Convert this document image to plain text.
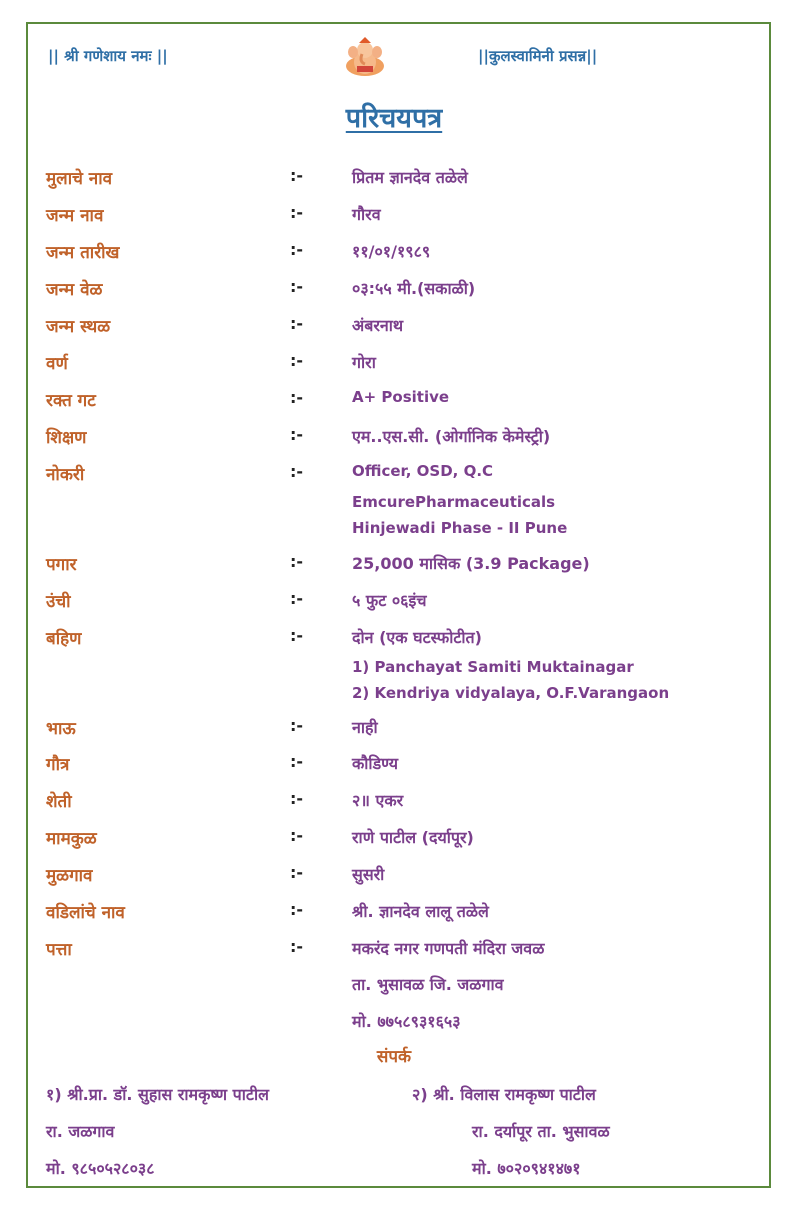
|| श्री गणेशाय नमः ||	||कुलस्वामिनी प्रसन्न||
परिचयपत्र
मुलाचे नाव	:-	प्रितम ज्ञानदेव तळेले
जन्म नाव	:-	गौरव
जन्म तारीख	:-	११/०१/१९८९
जन्म वेळ	:-	०३:५५ मी.(सकाळी)
जन्म स्थळ	:-	अंबरनाथ
वर्ण	:-	गोरा
रक्त गट	:-	A+ Positive
शिक्षण	:-	एम..एस.सी. (ओर्गानिक केमेस्ट्री)
नोकरी	:-	Officer, OSD, Q.C
EmcurePharmaceuticals
Hinjewadi Phase - II Pune
पगार	:-	25,000 मासिक (3.9 Package)
उंची	:-	५ फुट ०६इंच
बहिण	:-	दोन (एक घटस्फोटीत)
1) Panchayat Samiti Muktainagar
2) Kendriya vidyalaya, O.F.Varangaon
भाऊ	:-	नाही
गौत्र	:-	कौडिण्य
शेती	:-	२॥ एकर
मामकुळ	:-	राणे पाटील (दर्यापूर)
मुळगाव	:-	सुसरी
वडिलांचे नाव	:-	श्री. ज्ञानदेव लालू तळेले
पत्ता	:-	मकरंद नगर गणपती मंदिरा जवळ
ता. भुसावळ जि. जळगाव
मो. ७७५८९३१६५३
संपर्क
१) श्री.प्रा. डॉ. सुहास रामकृष्ण पाटील
रा. जळगाव
मो. ९८५०५२८०३८
२) श्री. विलास रामकृष्ण पाटील
रा. दर्यापूर ता. भुसावळ
मो. ७०२०९४१४७१
